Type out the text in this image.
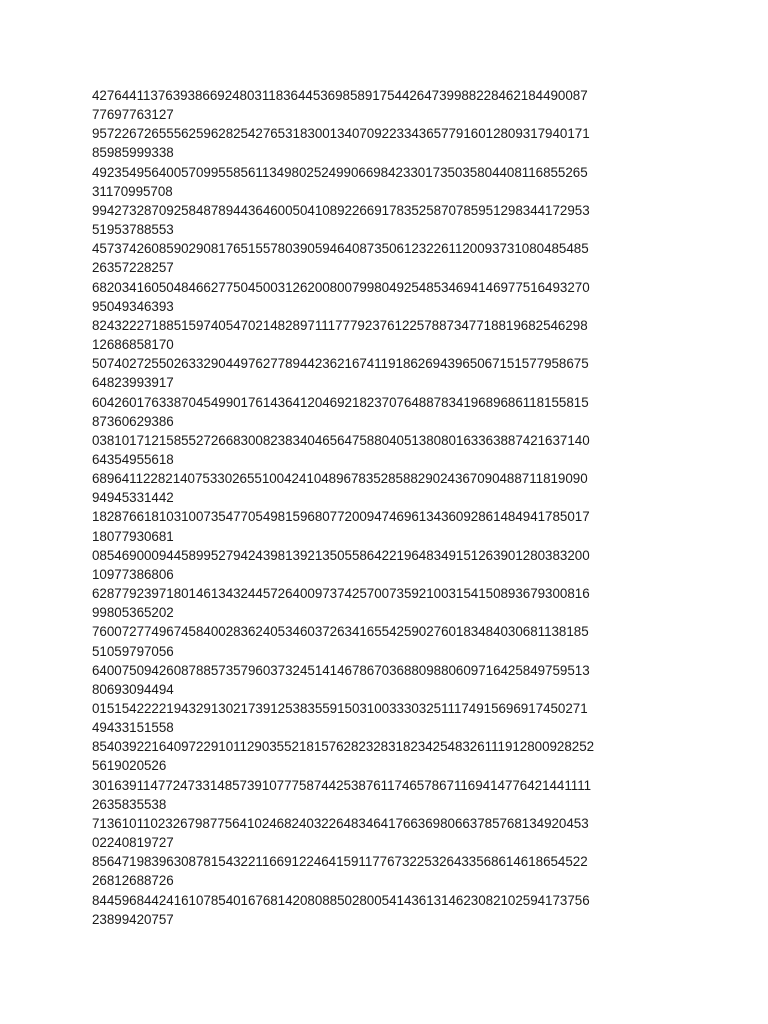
4276441137639386692480311836445369858917544264739988228462184490087
77697763127
9572267265556259628254276531830013407092233436577916012809317940171
85985999338
4923549564005709955856113498025249906698423301735035804408116855265
31170995708
9942732870925848789443646005041089226691783525870785951298344172953
51953788553
4573742608590290817651557803905946408735061232261120093731080485485
26357228257
6820341605048466277504500312620080079980492548534694146977516493270
95049346393
8243222718851597405470214828971117779237612257887347718819682546298
12686858170
5074027255026332904497627789442362167411918626943965067151577958675
64823993917
6042601763387045499017614364120469218237076488783419689686118155815
87360629386
0381017121585527266830082383404656475880405138080163363887421637140
64354955618
6896411228214075330265510042410489678352858829024367090488711819090
94945331442
1828766181031007354770549815968077200947469613436092861484941785017
18077930681
0854690009445899527942439813921350558642219648349151263901280383200
10977386806
6287792397180146134324457264009737425700735921003154150893679300816
99805365202
7600727749674584002836240534603726341655425902760183484030681138185
51059797056
6400750942608788573579603732451414678670368809880609716425849759513
80693094494
0151542222194329130217391253835591503100333032511174915696917450271
49433151558
85403922164097229101129035521815762823283182342548326111912800928252
5619020526
30163911477247331485739107775874425387611746578671169414776421441111
2635835538
7136101102326798775641024682403226483464176636980663785768134920453
02240819727
8564719839630878154322116691224641591177673225326433568614618654522
26812688726
8445968442416107854016768142080885028005414361314623082102594173756
23899420757
